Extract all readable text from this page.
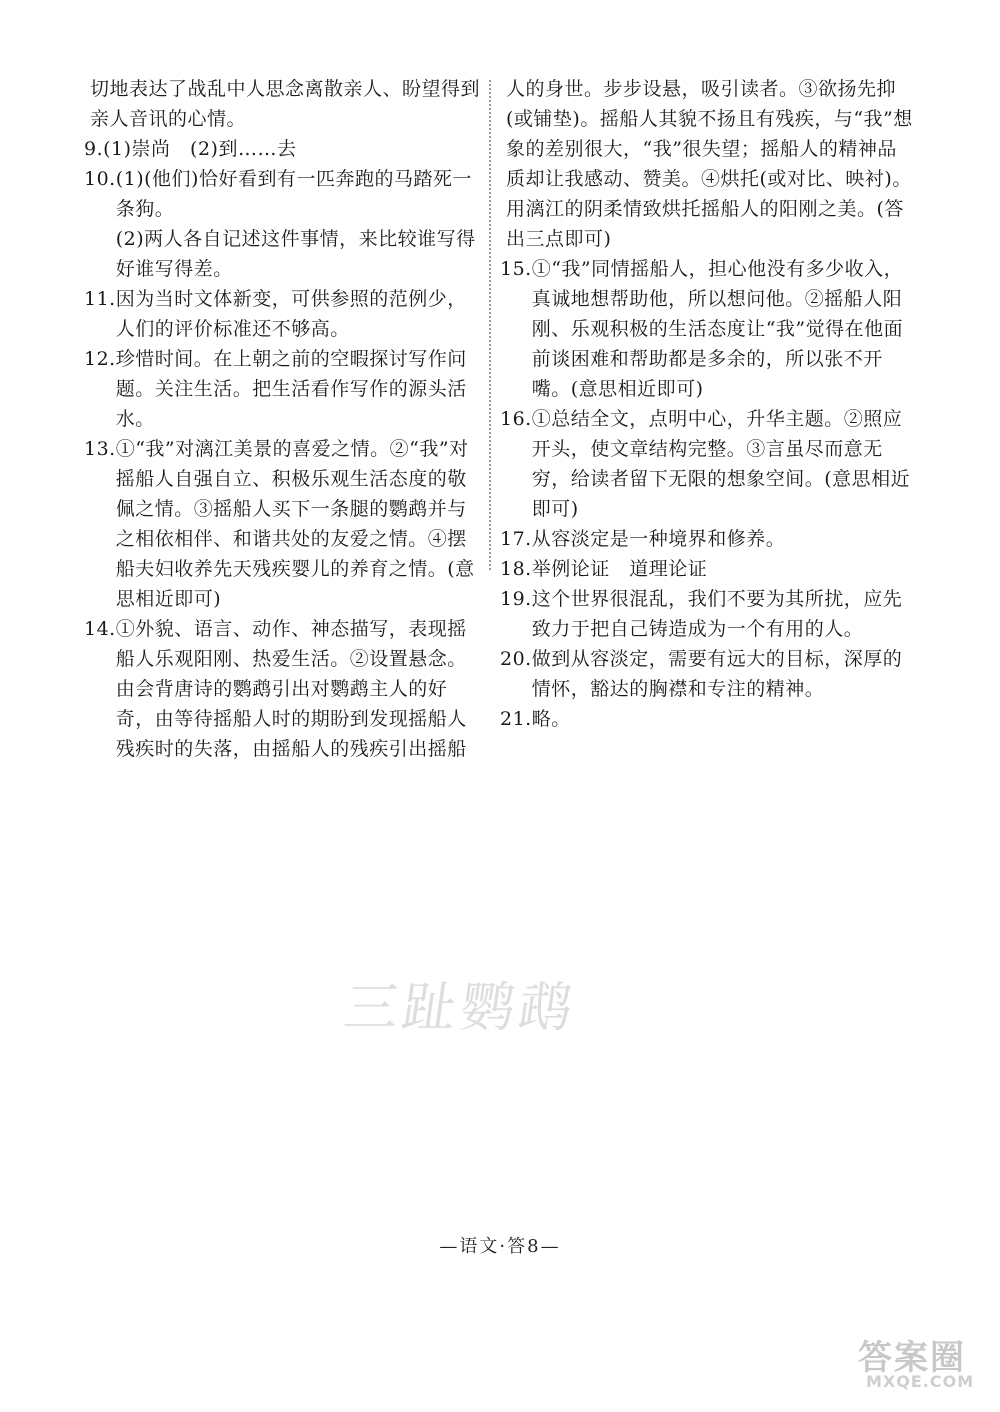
切地表达了战乱中人思念离散亲人、盼望得到亲人音讯的心情。
9. (1)崇尚　(2)到……去
10. (1)(他们)恰好看到有一匹奔跑的马踏死一条狗。
(2)两人各自记述这件事情，来比较谁写得好谁写得差。
11. 因为当时文体新变，可供参照的范例少，人们的评价标准还不够高。
12. 珍惜时间。在上朝之前的空暇探讨写作问题。关注生活。把生活看作写作的源头活水。
13. ①“我”对漓江美景的喜爱之情。②“我”对摇船人自强自立、积极乐观生活态度的敬佩之情。③摇船人买下一条腿的鹦鹉并与之相依相伴、和谐共处的友爱之情。④摆船夫妇收养先天残疾婴儿的养育之情。(意思相近即可)
14. ①外貌、语言、动作、神态描写，表现摇船人乐观阳刚、热爱生活。②设置悬念。由会背唐诗的鹦鹉引出对鹦鹉主人的好奇，由等待摇船人时的期盼到发现摇船人残疾时的失落，由摇船人的残疾引出摇船
人的身世。步步设悬，吸引读者。③欲扬先抑(或铺垫)。摇船人其貌不扬且有残疾，与“我”想象的差别很大，“我”很失望；摇船人的精神品质却让我感动、赞美。④烘托(或对比、映衬)。用漓江的阴柔情致烘托摇船人的阳刚之美。(答出三点即可)
15. ①“我”同情摇船人，担心他没有多少收入，真诚地想帮助他，所以想问他。②摇船人阳刚、乐观积极的生活态度让“我”觉得在他面前谈困难和帮助都是多余的，所以张不开嘴。(意思相近即可)
16. ①总结全文，点明中心，升华主题。②照应开头，使文章结构完整。③言虽尽而意无穷，给读者留下无限的想象空间。(意思相近即可)
17. 从容淡定是一种境界和修养。
18. 举例论证　道理论证
19. 这个世界很混乱，我们不要为其所扰，应先致力于把自己铸造成为一个有用的人。
20. 做到从容淡定，需要有远大的目标，深厚的情怀，豁达的胸襟和专注的精神。
21. 略。
三趾鹦鹉
—语文·答8—
答案圈
MXQE.COM
